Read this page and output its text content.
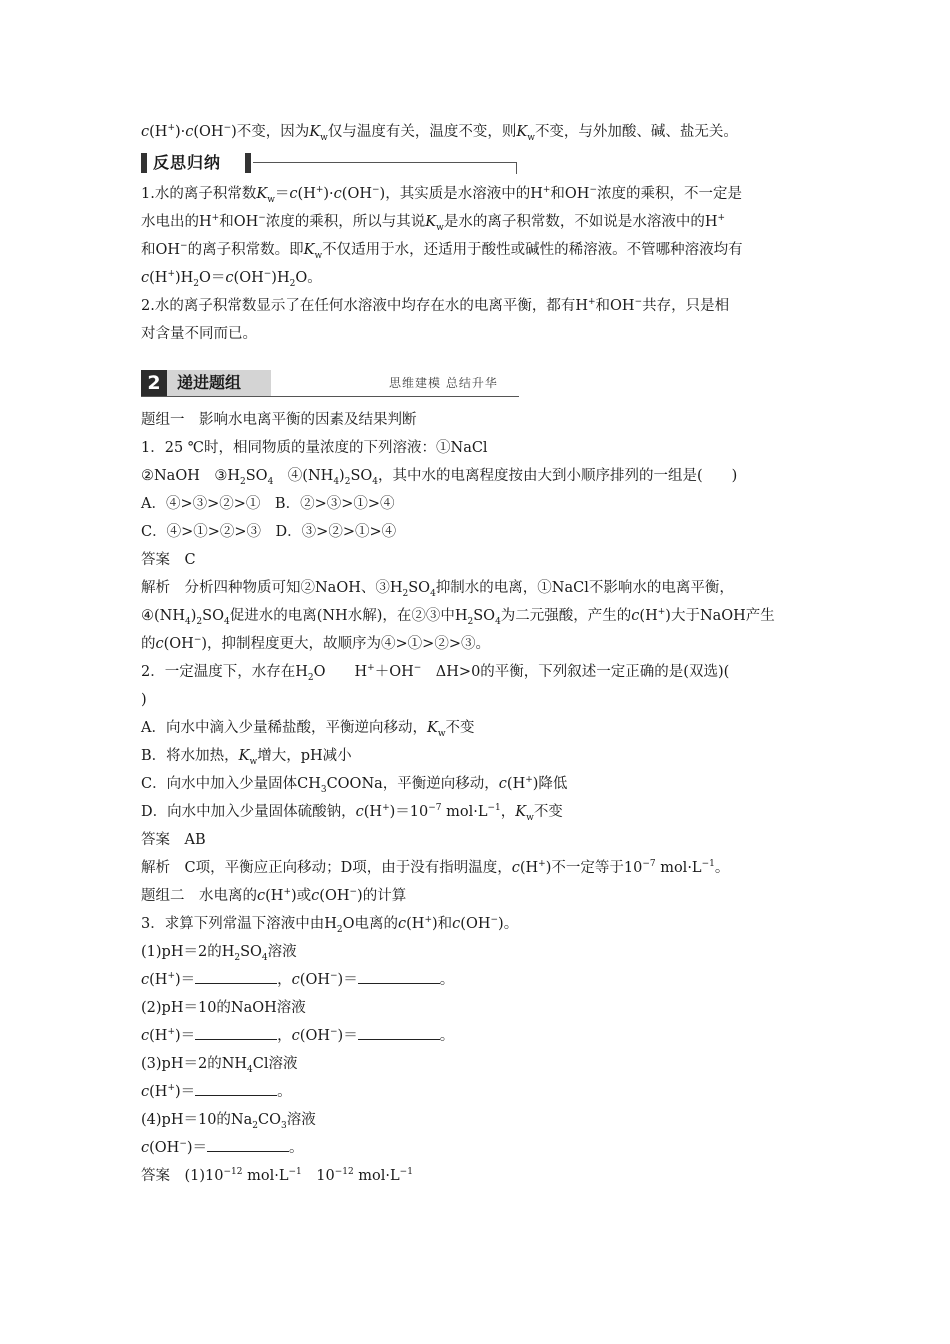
c(H+)·c(OH−)不变，因为$K_w$仅与温度有关，温度不变，则$K_w$不变，与外加酸、碱、盐无关。
反思归纳
1.水的离子积常数$K_w=c(H^+)\cdot c(OH^-)$，其实质是水溶液中的H+和OH−浓度的乘积，不一定是
水电出的H+和OH−浓度的乘积，所以与其说$K_w$是水的离子积常数，不如说是水溶液中的H+
和OH−的离子积常数。即$K_w$不仅适用于水，还适用于酸性或碱性的稀溶液。不管哪种溶液均有
$c(H^+)H_2O=c(OH^-)H_2O$。
2.水的离子积常数显示了在任何水溶液中均存在水的电离平衡，都有H+和OH−共存，只是相
对含量不同而已。
2	递进题组	思维建模 总结升华
题组一　影响水电离平衡的因素及结果判断
1．25 ℃时，相同物质的量浓度的下列溶液：①NaCl
②NaOH　$③H_2SO_4$　$④(NH_4)_2SO_4$，其中水的电离程度按由大到小顺序排列的一组是(　　)
A．④>③>②>①　B．②>③>①>④
C．④>①>②>③　D．③>②>①>④
答案　C
解析　分析四种物质可知②NaOH、$③H_2SO_4$抑制水的电离，①NaCl不影响水的电离平衡，
$④(NH_4)_2SO_4$促进水的电离(NH水解)，在②③中$H_2SO_4$为二元强酸，产生的c(H+)大于NaOH产生
的c(OH−)，抑制程度更大，故顺序为④>①>②>③。
2．一定温度下，水存在$H_2O$　　H+＋OH−　ΔH>0的平衡，下列叙述一定正确的是(双选)(
)
A．向水中滴入少量稀盐酸，平衡逆向移动，$K_w$不变
B．将水加热，$K_w$增大，pH减小
C．向水中加入少量固体$CH_3COONa$，平衡逆向移动，c(H+)降低
D．向水中加入少量固体硫酸钠，$c(H^+)=10^{-7}$ $mol\cdot L^{-1}$，$K_w$不变
答案　AB
解析　C项，平衡应正向移动；D项，由于没有指明温度，c(H+)不一定等于$10^{-7}$ $mol\cdot L^{-1}$。
题组二　水电离的c(H+)或c(OH−)的计算
3．求算下列常温下溶液中由$H_2O$电离的c(H+)和c(OH−)。
(1)pH＝2的$H_2SO_4$溶液
c(H+)＝	，c(OH−)＝	。
(2)pH＝10的NaOH溶液
c(H+)＝	，c(OH−)＝	。
(3)pH＝2的$NH_4Cl$溶液
c(H+)＝	。
(4)pH＝10的$Na_2CO_3$溶液
c(OH−)＝	。
答案　$(1)10^{-12}$ $mol\cdot L^{-1}$　$10^{-12}$ $mol\cdot L^{-1}$
